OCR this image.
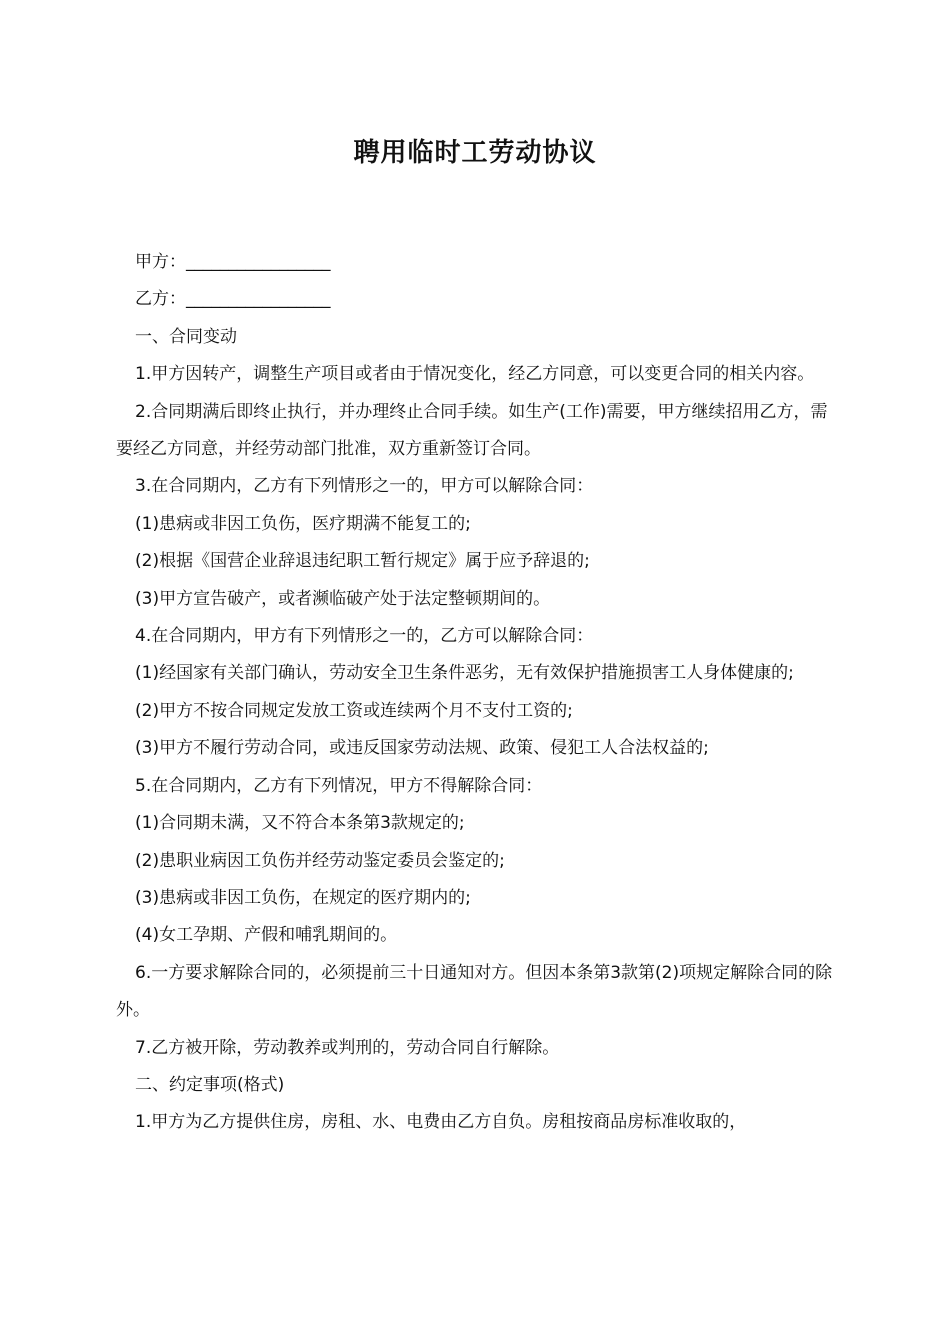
聘用临时工劳动协议

甲方：_________________

乙方：_________________

一、合同变动

1.甲方因转产，调整生产项目或者由于情况变化，经乙方同意，可以变更合同的相关内容。

2.合同期满后即终止执行，并办理终止合同手续。如生产(工作)需要，甲方继续招用乙方，需要经乙方同意，并经劳动部门批准，双方重新签订合同。

3.在合同期内，乙方有下列情形之一的，甲方可以解除合同：

(1)患病或非因工负伤，医疗期满不能复工的;

(2)根据《国营企业辞退违纪职工暂行规定》属于应予辞退的;

(3)甲方宣告破产，或者濒临破产处于法定整顿期间的。

4.在合同期内，甲方有下列情形之一的，乙方可以解除合同：

(1)经国家有关部门确认，劳动安全卫生条件恶劣，无有效保护措施损害工人身体健康的;

(2)甲方不按合同规定发放工资或连续两个月不支付工资的;

(3)甲方不履行劳动合同，或违反国家劳动法规、政策、侵犯工人合法权益的;

5.在合同期内，乙方有下列情况，甲方不得解除合同：

(1)合同期未满，又不符合本条第3款规定的;

(2)患职业病因工负伤并经劳动鉴定委员会鉴定的;

(3)患病或非因工负伤，在规定的医疗期内的;

(4)女工孕期、产假和哺乳期间的。

6.一方要求解除合同的，必须提前三十日通知对方。但因本条第3款第(2)项规定解除合同的除外。

7.乙方被开除，劳动教养或判刑的，劳动合同自行解除。

二、约定事项(格式)

1.甲方为乙方提供住房，房租、水、电费由乙方自负。房租按商品房标准收取的，
